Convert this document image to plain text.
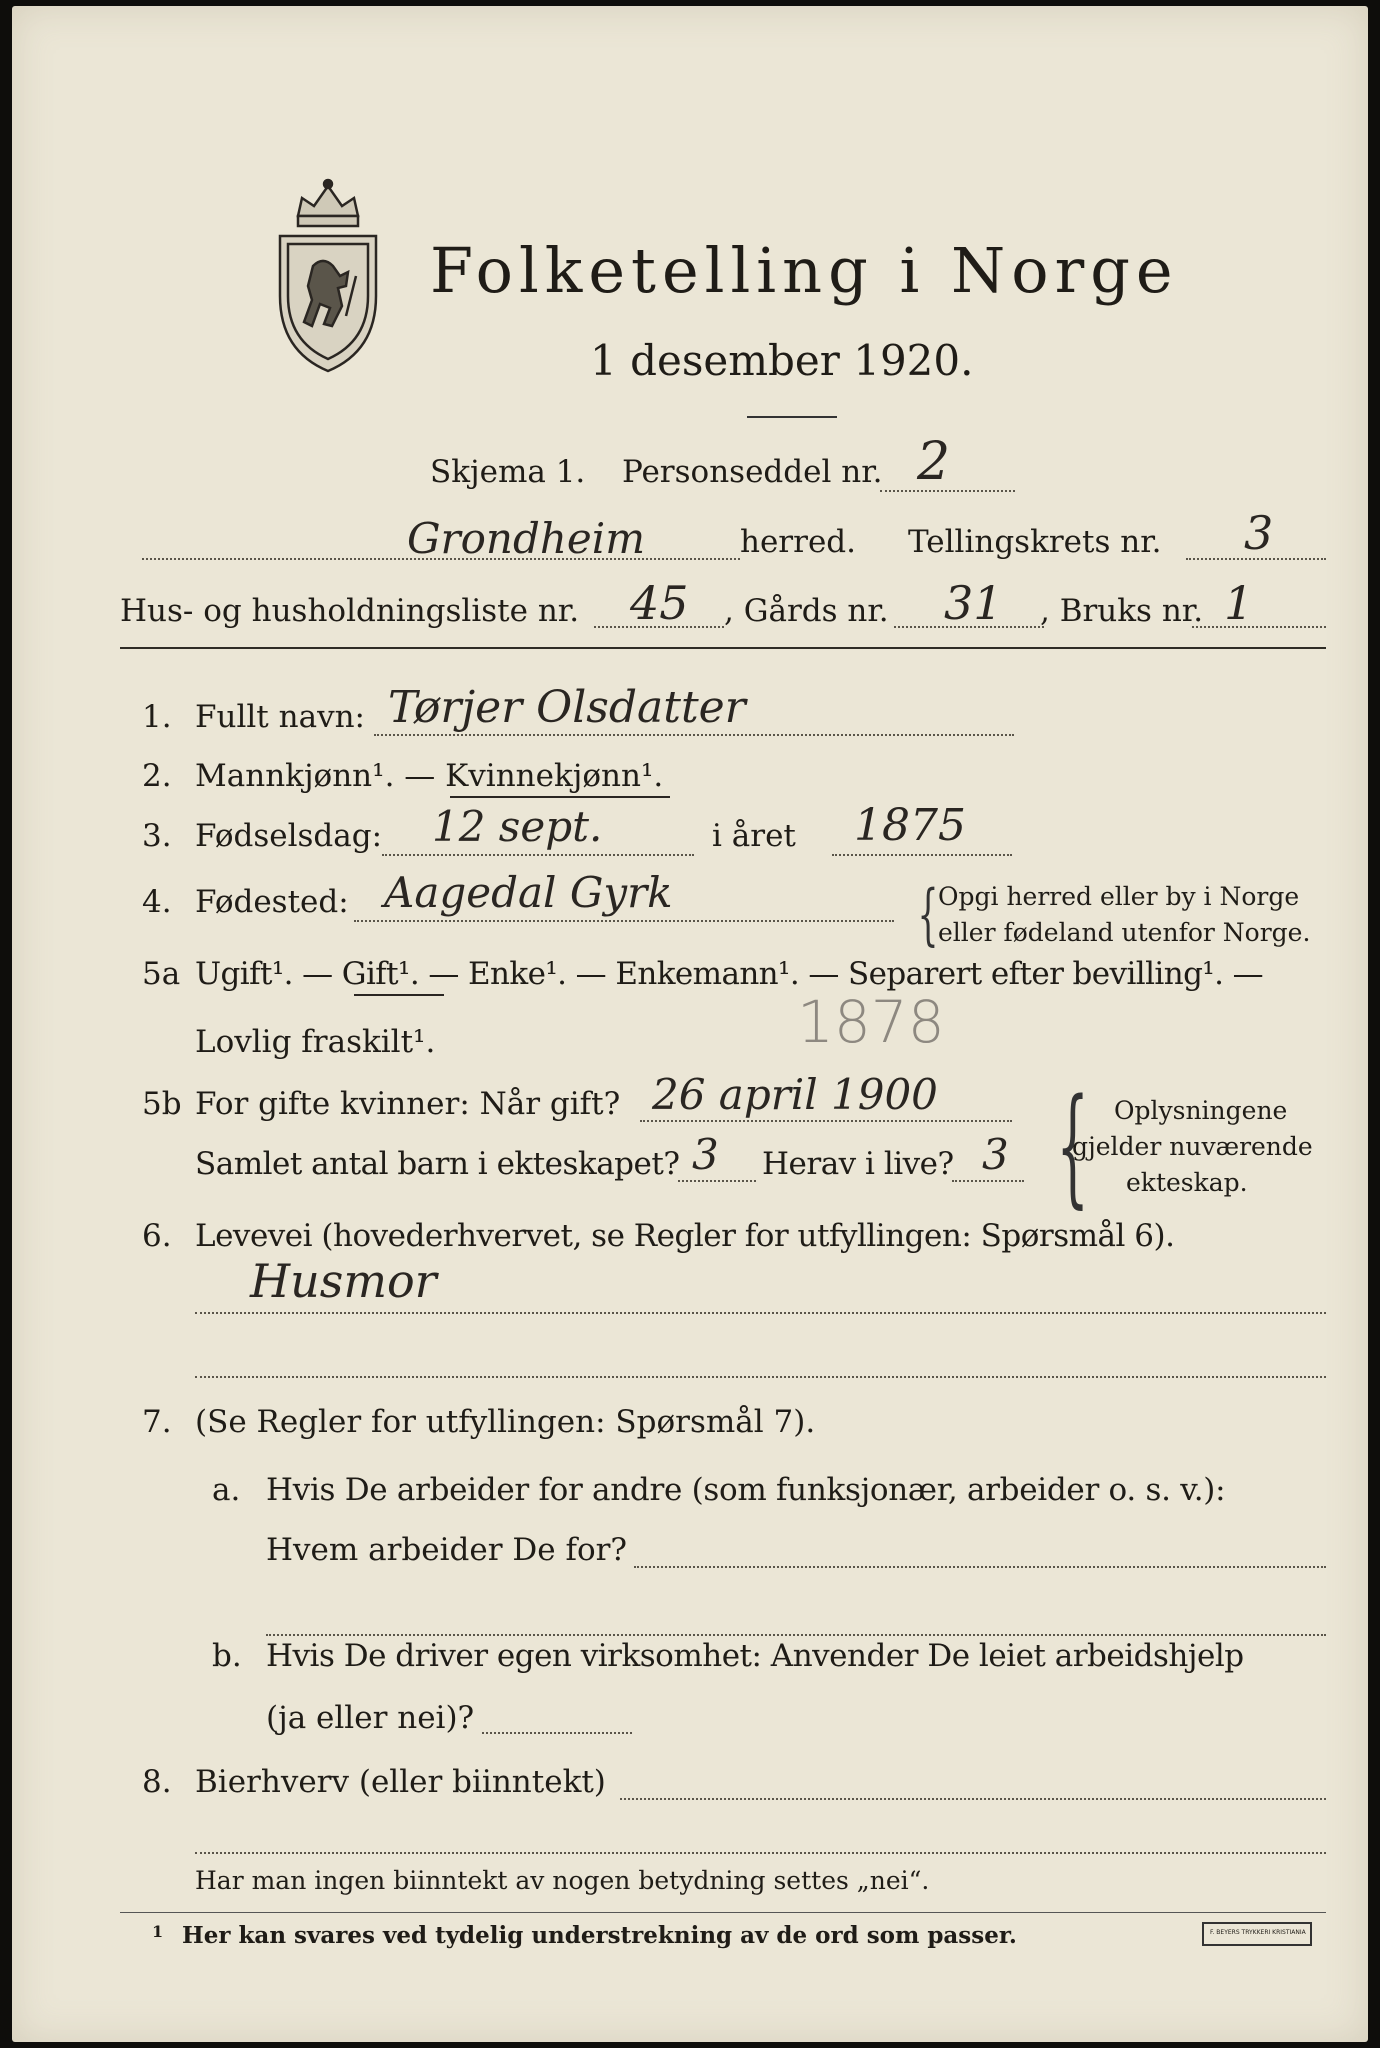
Folketelling i Norge
1 desember 1920.
Skjema 1. Personseddel nr. 2
Grondheim	herred. Tellingskrets nr. 3
Hus- og husholdningsliste nr. 45 , Gårds nr. 31 , Bruks nr. 1
1. Fullt navn: Tørjer Olsdatter
2. Mannkjønn¹. — Kvinnekjønn¹.
3. Fødselsdag: 12 sept.	i året 1875
4. Fødested: Aagedal Gyrk	{ Opgi herred eller by i Norge
eller fødeland utenfor Norge.
5a Ugift¹. — Gift¹. — Enke¹. — Enkemann¹. — Separert efter bevilling¹. —
Lovlig fraskilt¹.	1878
5b For gifte kvinner: Når gift? 26 april 1900
Samlet antal barn i ekteskapet? 3 Herav i live? 3 { Oplysningene
gjelder nuværende
ekteskap.
6. Levevei (hovederhvervet, se Regler for utfyllingen: Spørsmål 6).
Husmor
7. (Se Regler for utfyllingen: Spørsmål 7).
a. Hvis De arbeider for andre (som funksjonær, arbeider o. s. v.):
Hvem arbeider De for?
b. Hvis De driver egen virksomhet: Anvender De leiet arbeidshjelp
(ja eller nei)?
8. Bierhverv (eller biinntekt)
Har man ingen biinntekt av nogen betydning settes „nei“.
1 Her kan svares ved tydelig understrekning av de ord som passer.	F. BEYERS TRYKKERI KRISTIANIA
